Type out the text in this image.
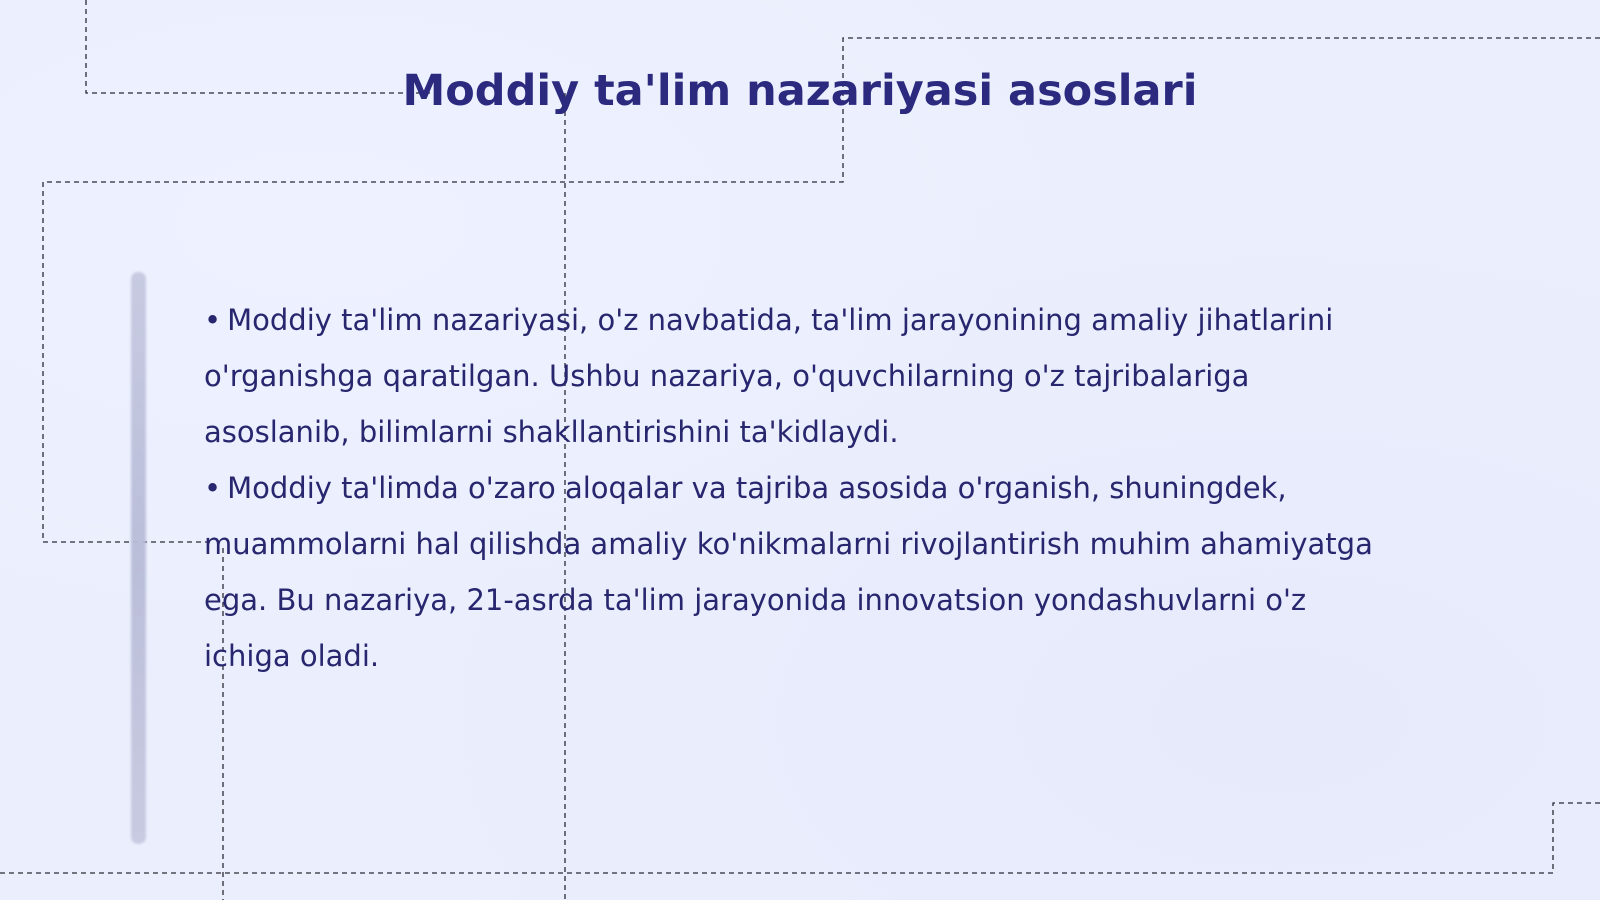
Moddiy ta'lim nazariyasi asoslari
• Moddiy ta'lim nazariyasi, o'z navbatida, ta'lim jarayonining amaliy jihatlarini o'rganishga qaratilgan. Ushbu nazariya, o'quvchilarning o'z tajribalariga asoslanib, bilimlarni shakllantirishini ta'kidlaydi.
• Moddiy ta'limda o'zaro aloqalar va tajriba asosida o'rganish, shuningdek, muammolarni hal qilishda amaliy ko'nikmalarni rivojlantirish muhim ahamiyatga ega. Bu nazariya, 21-asrda ta'lim jarayonida innovatsion yondashuvlarni o'z ichiga oladi.
